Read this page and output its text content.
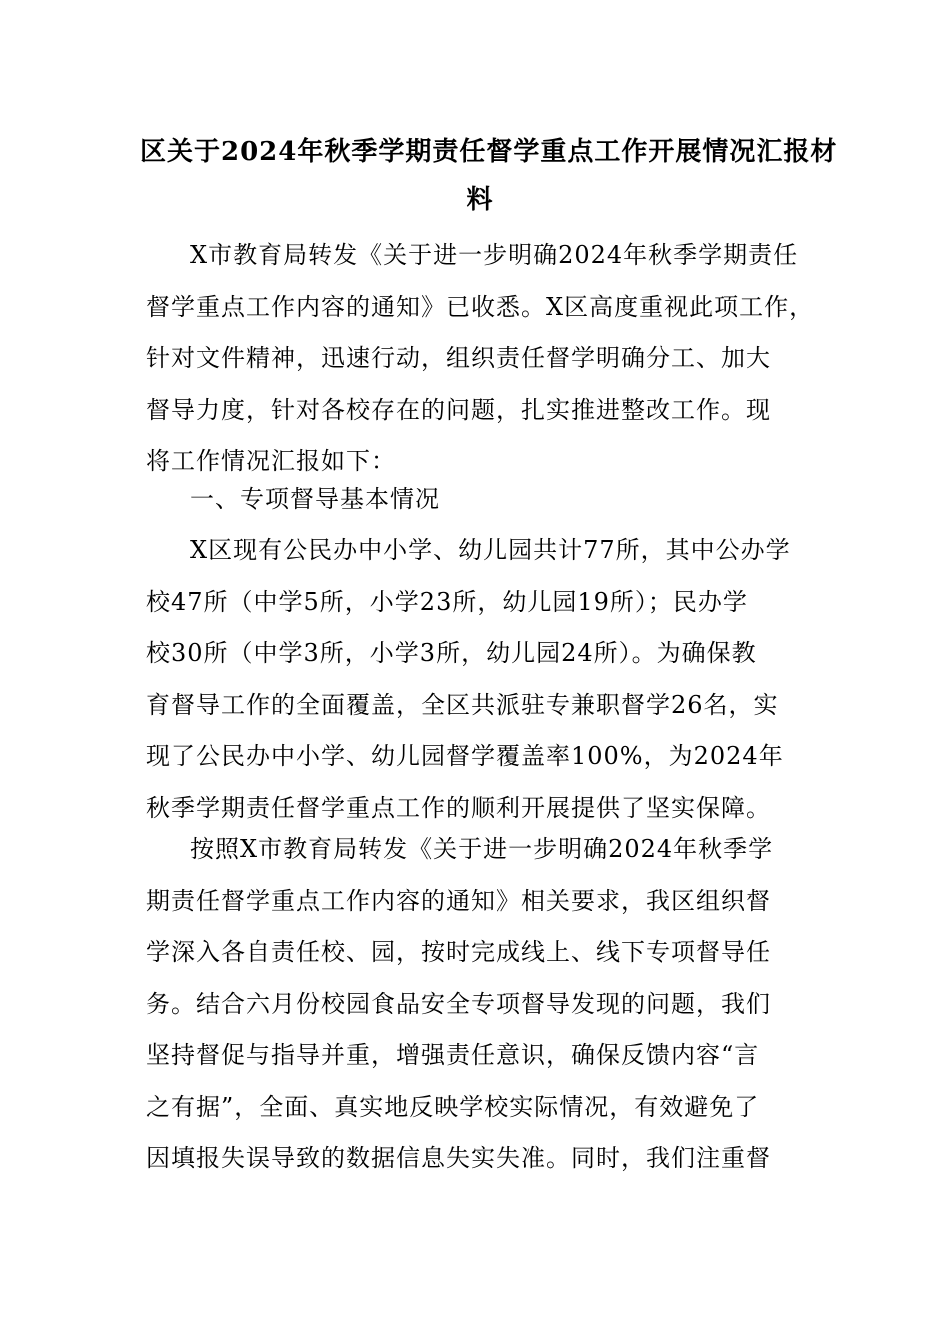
区关于2024年秋季学期责任督学重点工作开展情况汇报材
料

X市教育局转发《关于进一步明确2024年秋季学期责任
督学重点工作内容的通知》已收悉。X区高度重视此项工作，
针对文件精神，迅速行动，组织责任督学明确分工、加大
督导力度，针对各校存在的问题，扎实推进整改工作。现
将工作情况汇报如下：

一、专项督导基本情况

X区现有公民办中小学、幼儿园共计77所，其中公办学
校47所（中学5所，小学23所，幼儿园19所）；民办学
校30所（中学3所，小学3所，幼儿园24所）。为确保教
育督导工作的全面覆盖，全区共派驻专兼职督学26名，实
现了公民办中小学、幼儿园督学覆盖率100%，为2024年
秋季学期责任督学重点工作的顺利开展提供了坚实保障。

按照X市教育局转发《关于进一步明确2024年秋季学
期责任督学重点工作内容的通知》相关要求，我区组织督
学深入各自责任校、园，按时完成线上、线下专项督导任
务。结合六月份校园食品安全专项督导发现的问题，我们
坚持督促与指导并重，增强责任意识，确保反馈内容“言
之有据”，全面、真实地反映学校实际情况，有效避免了
因填报失误导致的数据信息失实失准。同时，我们注重督
